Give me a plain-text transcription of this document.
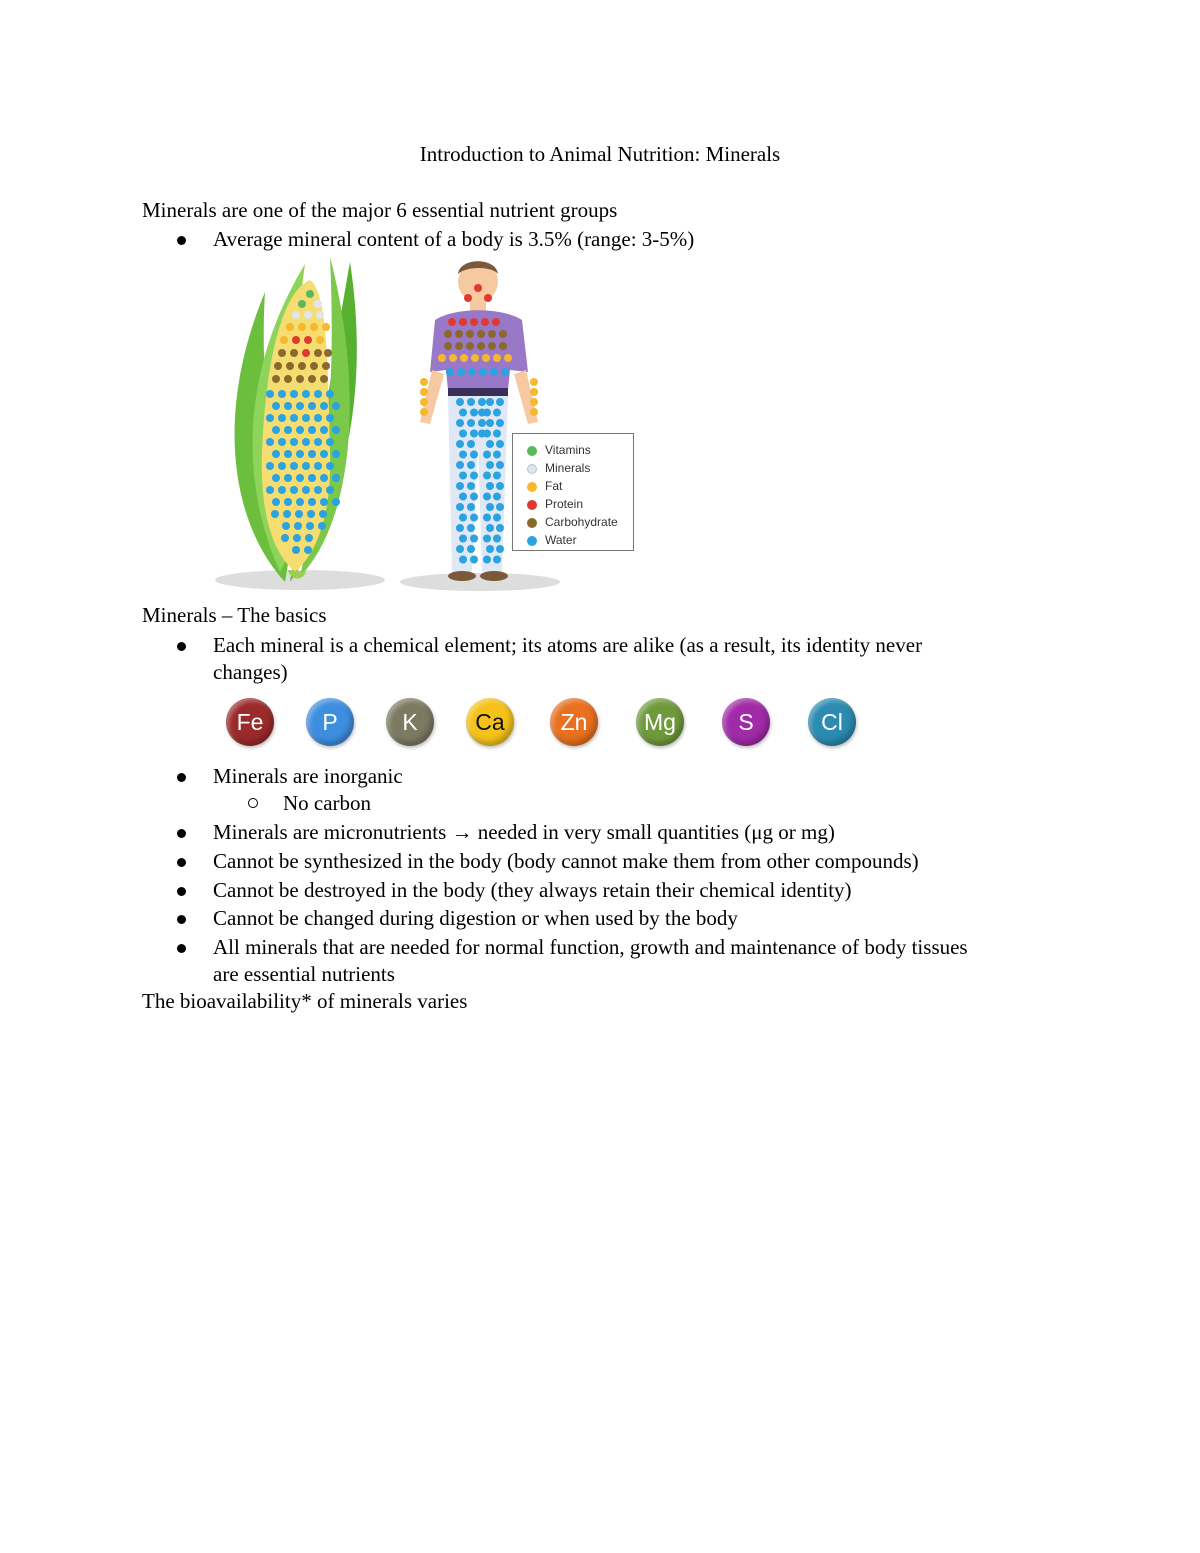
Introduction to Animal Nutrition: Minerals
Minerals are one of the major 6 essential nutrient groups
Average mineral content of a body is 3.5% (range: 3-5%)
Vitamins
Minerals
Fat
Protein
Carbohydrate
Water
Minerals – The basics
Each mineral is a chemical element; its atoms are alike (as a result, its identity never
changes)
Fe	P	K	Ca	Zn	Mg	S	Cl
Minerals are inorganic
No carbon
Minerals are micronutrients → needed in very small quantities (μg or mg)
Cannot be synthesized in the body (body cannot make them from other compounds)
Cannot be destroyed in the body (they always retain their chemical identity)
Cannot be changed during digestion or when used by the body
All minerals that are needed for normal function, growth and maintenance of body tissues
are essential nutrients
The bioavailability* of minerals varies
